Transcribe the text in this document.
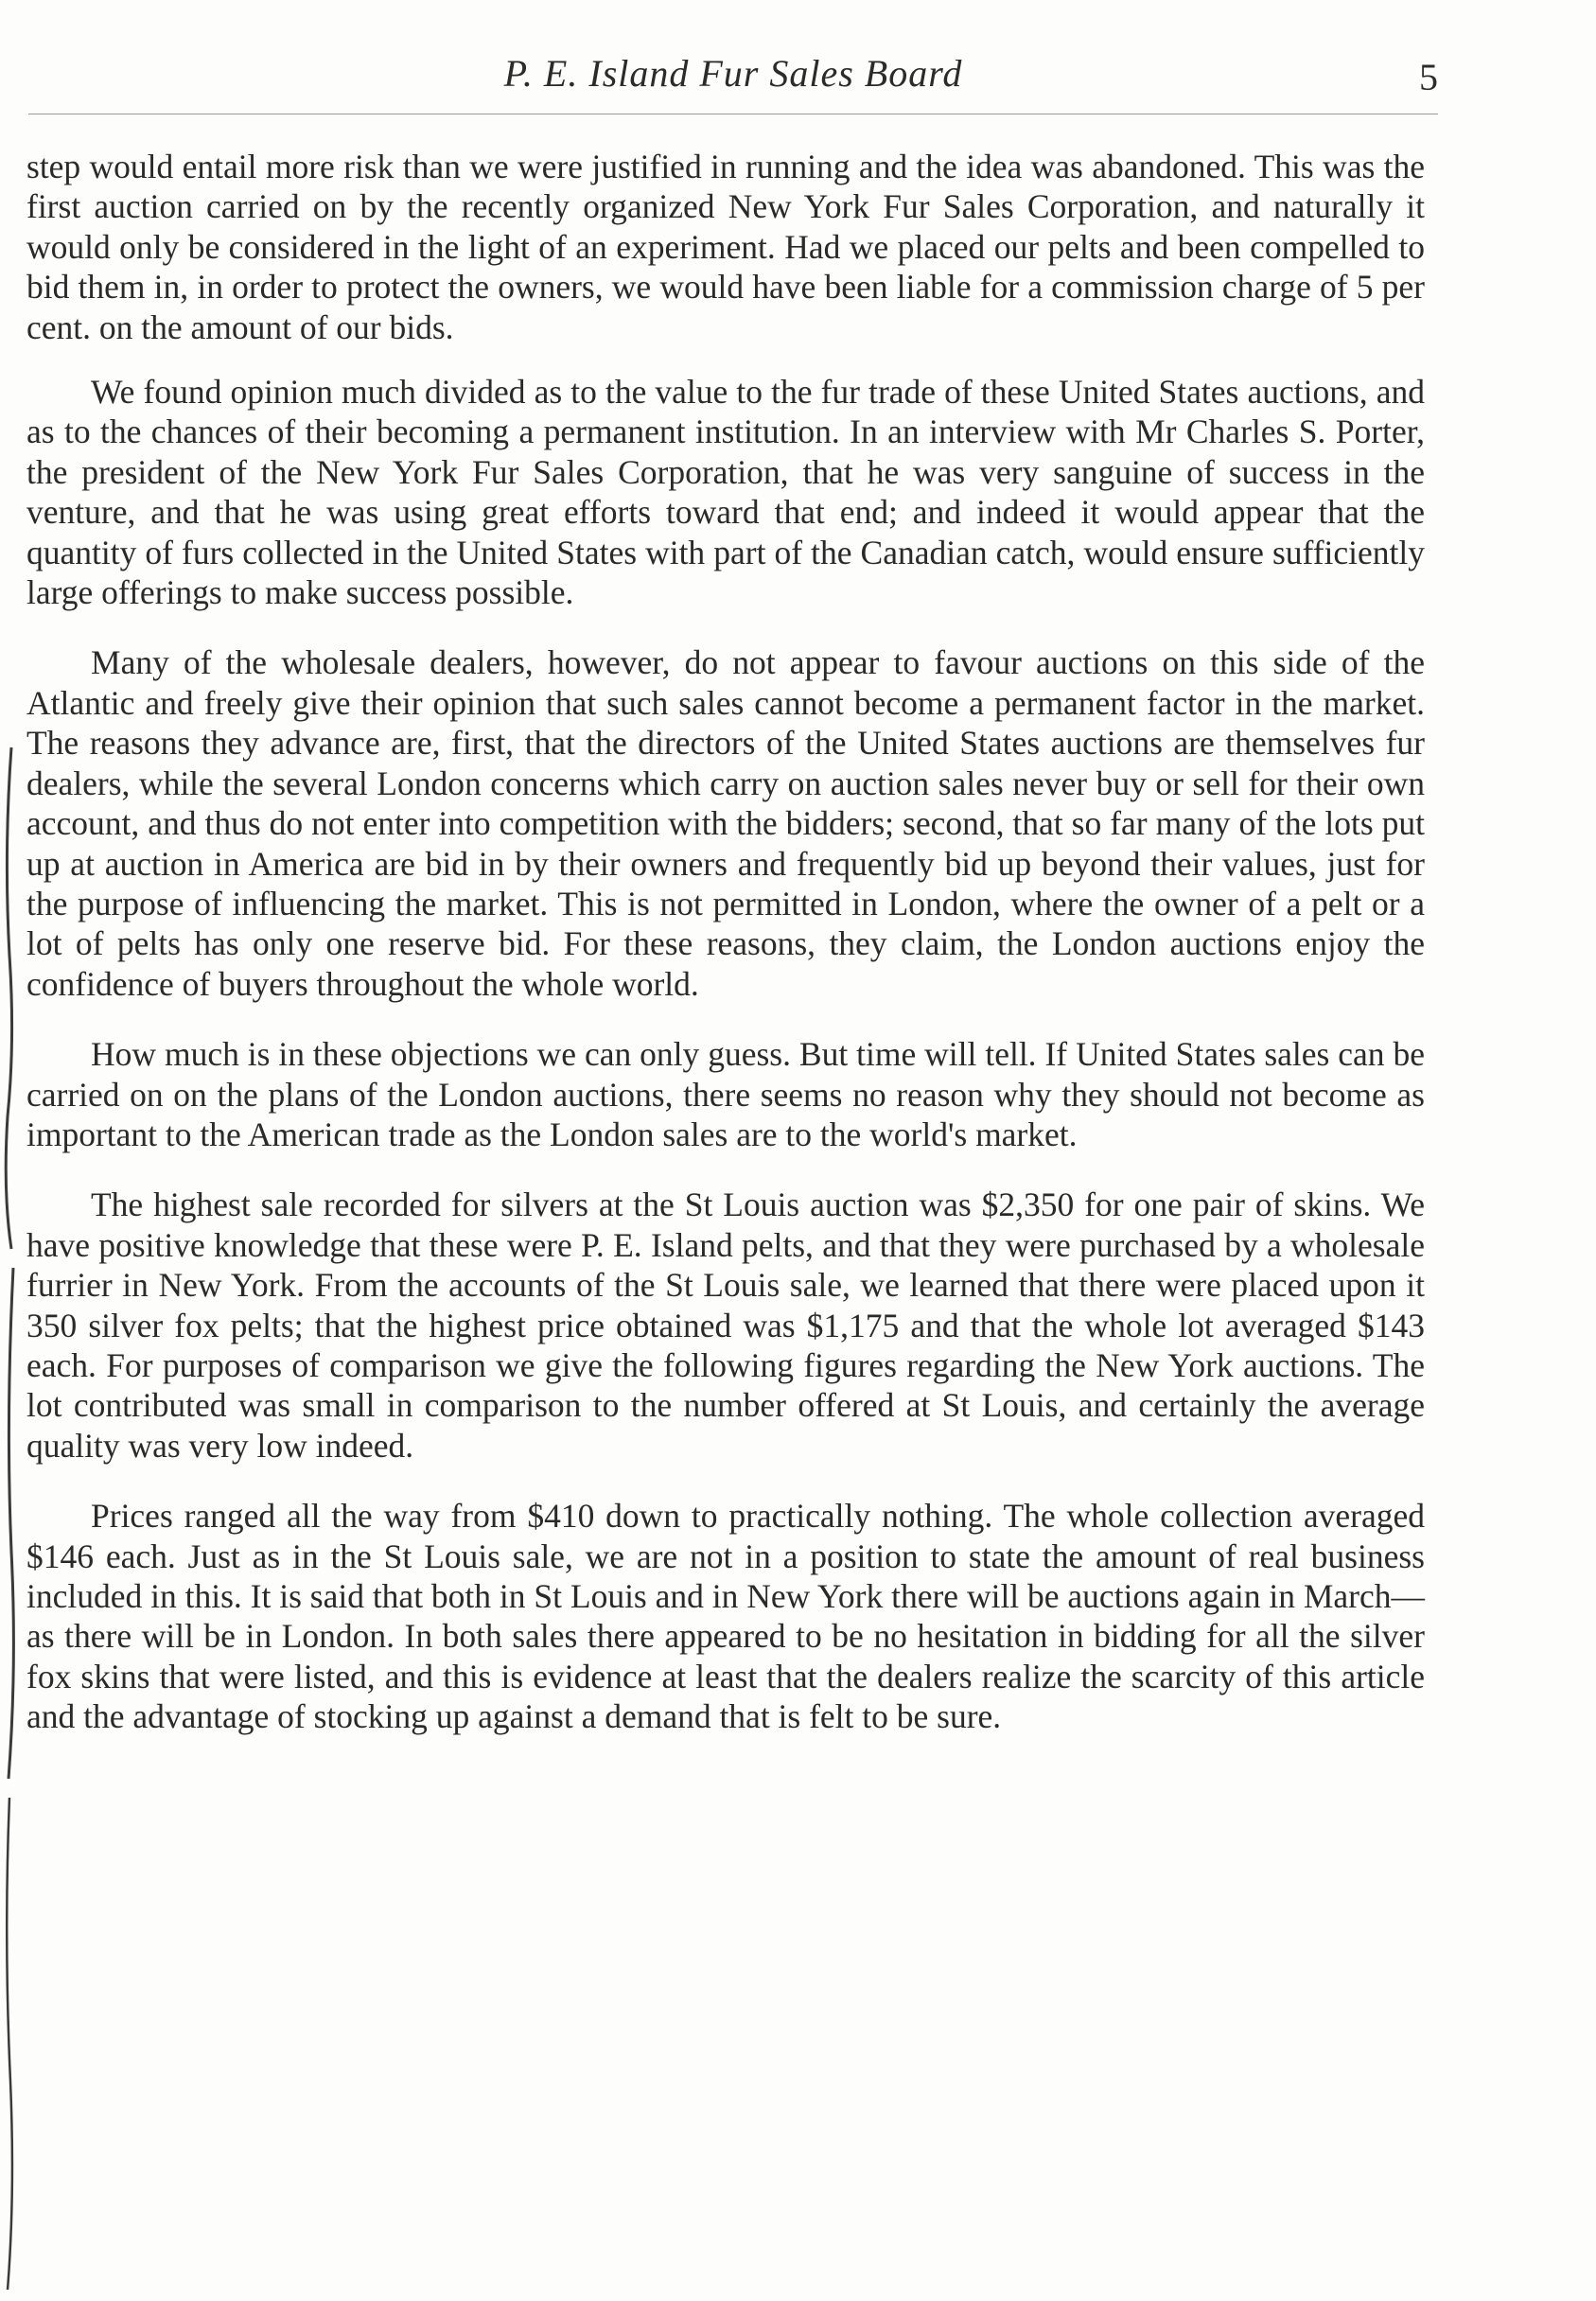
P. E. Island Fur Sales Board	5

step would entail more risk than we were justified in running and the idea was abandoned. This was the first auction carried on by the recently organized New York Fur Sales Corporation, and naturally it would only be considered in the light of an experiment. Had we placed our pelts and been compelled to bid them in, in order to protect the owners, we would have been liable for a commission charge of 5 per cent. on the amount of our bids.

We found opinion much divided as to the value to the fur trade of these United States auctions, and as to the chances of their becoming a permanent institution. In an interview with Mr Charles S. Porter, the president of the New York Fur Sales Corporation, that he was very sanguine of success in the venture, and that he was using great efforts toward that end; and indeed it would appear that the quantity of furs collected in the United States with part of the Canadian catch, would ensure sufficiently large offerings to make success possible.

Many of the wholesale dealers, however, do not appear to favour auctions on this side of the Atlantic and freely give their opinion that such sales cannot become a permanent factor in the market. The reasons they advance are, first, that the directors of the United States auctions are themselves fur dealers, while the several London concerns which carry on auction sales never buy or sell for their own account, and thus do not enter into competition with the bidders; second, that so far many of the lots put up at auction in America are bid in by their owners and frequently bid up beyond their values, just for the purpose of influencing the market. This is not permitted in London, where the owner of a pelt or a lot of pelts has only one reserve bid. For these reasons, they claim, the London auctions enjoy the confidence of buyers throughout the whole world.

How much is in these objections we can only guess. But time will tell. If United States sales can be carried on on the plans of the London auctions, there seems no reason why they should not become as important to the American trade as the London sales are to the world's market.

The highest sale recorded for silvers at the St Louis auction was $2,350 for one pair of skins. We have positive knowledge that these were P. E. Island pelts, and that they were purchased by a wholesale furrier in New York. From the accounts of the St Louis sale, we learned that there were placed upon it 350 silver fox pelts; that the highest price obtained was $1,175 and that the whole lot averaged $143 each. For purposes of comparison we give the following figures regarding the New York auctions. The lot contributed was small in comparison to the number offered at St Louis, and certainly the average quality was very low indeed.

Prices ranged all the way from $410 down to practically nothing. The whole collection averaged $146 each. Just as in the St Louis sale, we are not in a position to state the amount of real business included in this. It is said that both in St Louis and in New York there will be auctions again in March—as there will be in London. In both sales there appeared to be no hesitation in bidding for all the silver fox skins that were listed, and this is evidence at least that the dealers realize the scarcity of this article and the advantage of stocking up against a demand that is felt to be sure.
